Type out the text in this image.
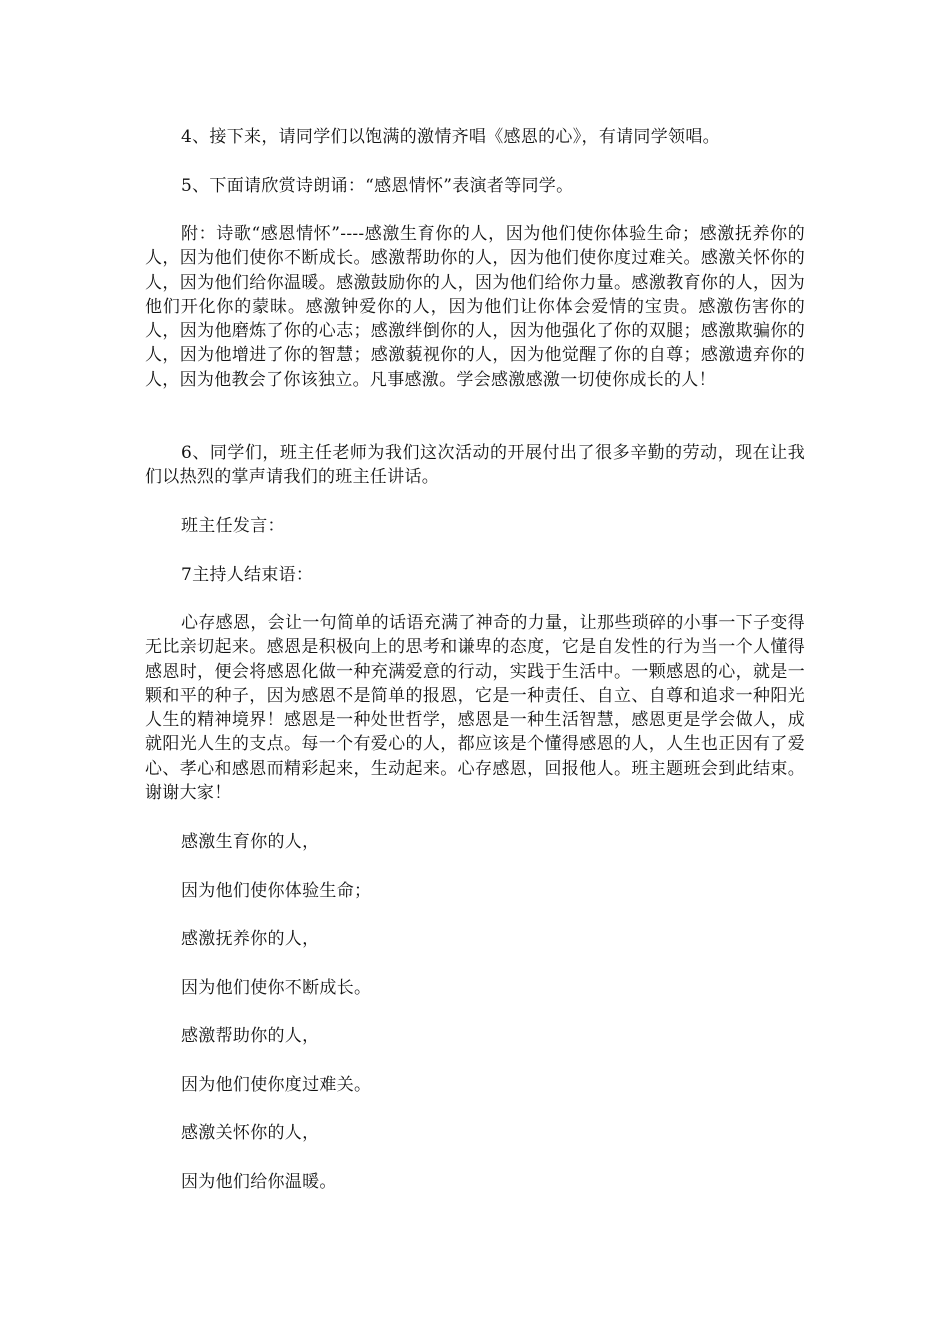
4、接下来，请同学们以饱满的激情齐唱《感恩的心》，有请同学领唱。

5、下面请欣赏诗朗诵：“感恩情怀”表演者等同学。

附：诗歌“感恩情怀”----感激生育你的人，因为他们使你体验生命；感激抚养你的人，因为他们使你不断成长。感激帮助你的人，因为他们使你度过难关。感激关怀你的人，因为他们给你温暖。感激鼓励你的人，因为他们给你力量。感激教育你的人，因为他们开化你的蒙昧。感激钟爱你的人，因为他们让你体会爱情的宝贵。感激伤害你的人，因为他磨炼了你的心志；感激绊倒你的人，因为他强化了你的双腿；感激欺骗你的人，因为他增进了你的智慧；感激藐视你的人，因为他觉醒了你的自尊；感激遗弃你的人，因为他教会了你该独立。凡事感激。学会感激感激一切使你成长的人！

6、同学们，班主任老师为我们这次活动的开展付出了很多辛勤的劳动，现在让我们以热烈的掌声请我们的班主任讲话。

班主任发言：

7主持人结束语：

心存感恩，会让一句简单的话语充满了神奇的力量，让那些琐碎的小事一下子变得无比亲切起来。感恩是积极向上的思考和谦卑的态度，它是自发性的行为当一个人懂得感恩时，便会将感恩化做一种充满爱意的行动，实践于生活中。一颗感恩的心，就是一颗和平的种子，因为感恩不是简单的报恩，它是一种责任、自立、自尊和追求一种阳光人生的精神境界！感恩是一种处世哲学，感恩是一种生活智慧，感恩更是学会做人，成就阳光人生的支点。每一个有爱心的人，都应该是个懂得感恩的人，人生也正因有了爱心、孝心和感恩而精彩起来，生动起来。心存感恩，回报他人。班主题班会到此结束。谢谢大家！

感激生育你的人，

因为他们使你体验生命；

感激抚养你的人，

因为他们使你不断成长。

感激帮助你的人，

因为他们使你度过难关。

感激关怀你的人，

因为他们给你温暖。
